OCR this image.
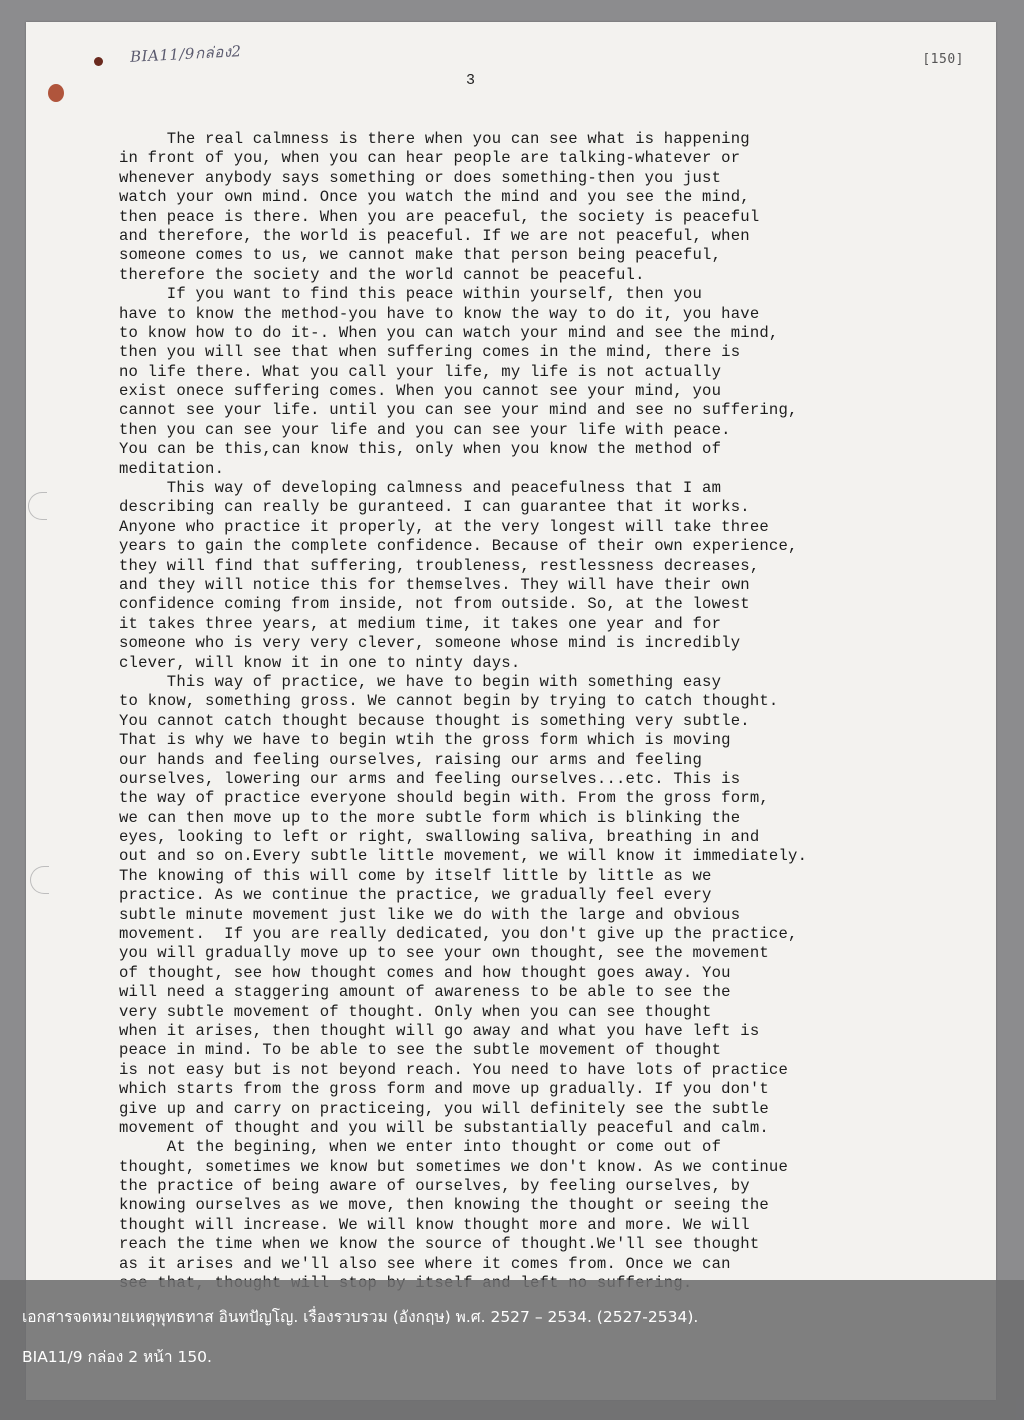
BIA11/9กล่อง2	[150]
3
The real calmness is there when you can see what is happening
in front of you, when you can hear people are talking-whatever or
whenever anybody says something or does something-then you just
watch your own mind. Once you watch the mind and you see the mind,
then peace is there. When you are peaceful, the society is peaceful
and therefore, the world is peaceful. If we are not peaceful, when
someone comes to us, we cannot make that person being peaceful,
therefore the society and the world cannot be peaceful.
If you want to find this peace within yourself, then you
have to know the method-you have to know the way to do it, you have
to know how to do it-. When you can watch your mind and see the mind,
then you will see that when suffering comes in the mind, there is
no life there. What you call your life, my life is not actually
exist onece suffering comes. When you cannot see your mind, you
cannot see your life. until you can see your mind and see no suffering,
then you can see your life and you can see your life with peace.
You can be this,can know this, only when you know the method of
meditation.
This way of developing calmness and peacefulness that I am
describing can really be guranteed. I can guarantee that it works.
Anyone who practice it properly, at the very longest will take three
years to gain the complete confidence. Because of their own experience,
they will find that suffering, troubleness, restlessness decreases,
and they will notice this for themselves. They will have their own
confidence coming from inside, not from outside. So, at the lowest
it takes three years, at medium time, it takes one year and for
someone who is very very clever, someone whose mind is incredibly
clever, will know it in one to ninty days.
This way of practice, we have to begin with something easy
to know, something gross. We cannot begin by trying to catch thought.
You cannot catch thought because thought is something very subtle.
That is why we have to begin wtih the gross form which is moving
our hands and feeling ourselves, raising our arms and feeling
ourselves, lowering our arms and feeling ourselves...etc. This is
the way of practice everyone should begin with. From the gross form,
we can then move up to the more subtle form which is blinking the
eyes, looking to left or right, swallowing saliva, breathing in and
out and so on.Every subtle little movement, we will know it immediately.
The knowing of this will come by itself little by little as we
practice. As we continue the practice, we gradually feel every
subtle minute movement just like we do with the large and obvious
movement.  If you are really dedicated, you don't give up the practice,
you will gradually move up to see your own thought, see the movement
of thought, see how thought comes and how thought goes away. You
will need a staggering amount of awareness to be able to see the
very subtle movement of thought. Only when you can see thought
when it arises, then thought will go away and what you have left is
peace in mind. To be able to see the subtle movement of thought
is not easy but is not beyond reach. You need to have lots of practice
which starts from the gross form and move up gradually. If you don't
give up and carry on practiceing, you will definitely see the subtle
movement of thought and you will be substantially peaceful and calm.
At the begining, when we enter into thought or come out of
thought, sometimes we know but sometimes we don't know. As we continue
the practice of being aware of ourselves, by feeling ourselves, by
knowing ourselves as we move, then knowing the thought or seeing the
thought will increase. We will know thought more and more. We will
reach the time when we know the source of thought.We'll see thought
as it arises and we'll also see where it comes from. Once we can
เอกสารจดหมายเหตุพุทธทาส อินทปัญโญ. เรื่องรวบรวม (อังกฤษ) พ.ศ. 2527 – 2534. (2527-2534).
BIA11/9 กล่อง 2 หน้า 150.
